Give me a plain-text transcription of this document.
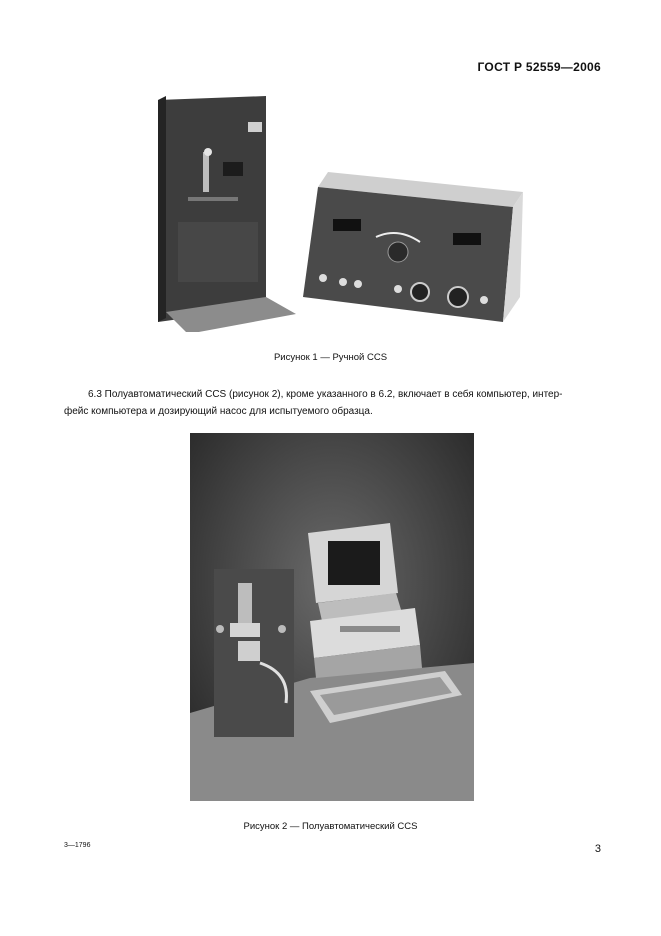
ГОСТ Р 52559—2006
Рисунок 1 — Ручной CCS
6.3 Полуавтоматический CCS (рисунок 2), кроме указанного в 6.2, включает в себя компьютер, интер-
фейс компьютера и дозирующий насос для испытуемого образца.
Рисунок 2 — Полуавтоматический CCS
3—1796	3
